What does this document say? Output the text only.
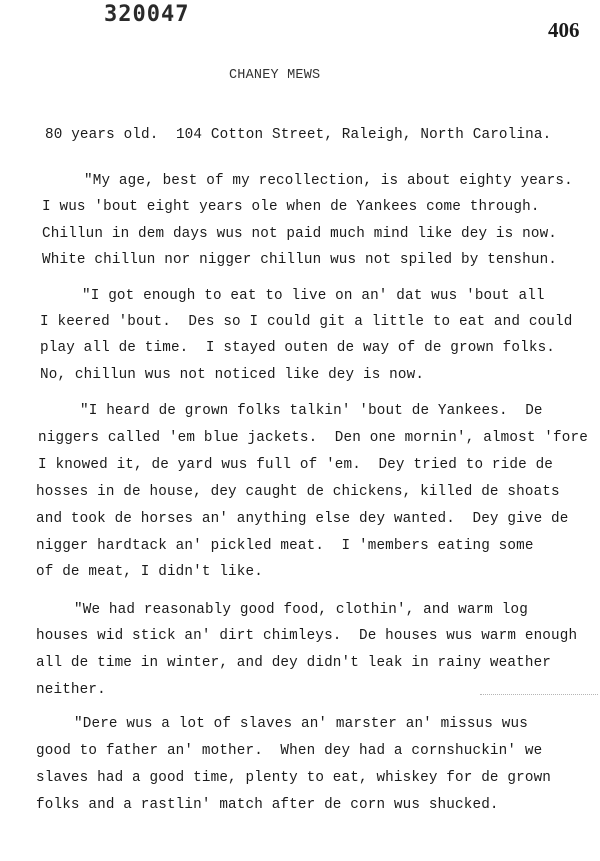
320047
406
CHANEY MEWS
80 years old.  104 Cotton Street, Raleigh, North Carolina.
"My age, best of my recollection, is about eighty years.
I wus 'bout eight years ole when de Yankees come through.
Chillun in dem days wus not paid much mind like dey is now.
White chillun nor nigger chillun wus not spiled by tenshun.
"I got enough to eat to live on an' dat wus 'bout all
I keered 'bout.  Des so I could git a little to eat and could
play all de time.  I stayed outen de way of de grown folks.
No, chillun wus not noticed like dey is now.
"I heard de grown folks talkin' 'bout de Yankees.  De
niggers called 'em blue jackets.  Den one mornin', almost 'fore
I knowed it, de yard wus full of 'em.  Dey tried to ride de
hosses in de house, dey caught de chickens, killed de shoats
and took de horses an' anything else dey wanted.  Dey give de
nigger hardtack an' pickled meat.  I 'members eating some
of de meat, I didn't like.
"We had reasonably good food, clothin', and warm log
houses wid stick an' dirt chimleys.  De houses wus warm enough
all de time in winter, and dey didn't leak in rainy weather
neither.
"Dere wus a lot of slaves an' marster an' missus wus
good to father an' mother.  When dey had a cornshuckin' we
slaves had a good time, plenty to eat, whiskey for de grown
folks and a rastlin' match after de corn wus shucked.
